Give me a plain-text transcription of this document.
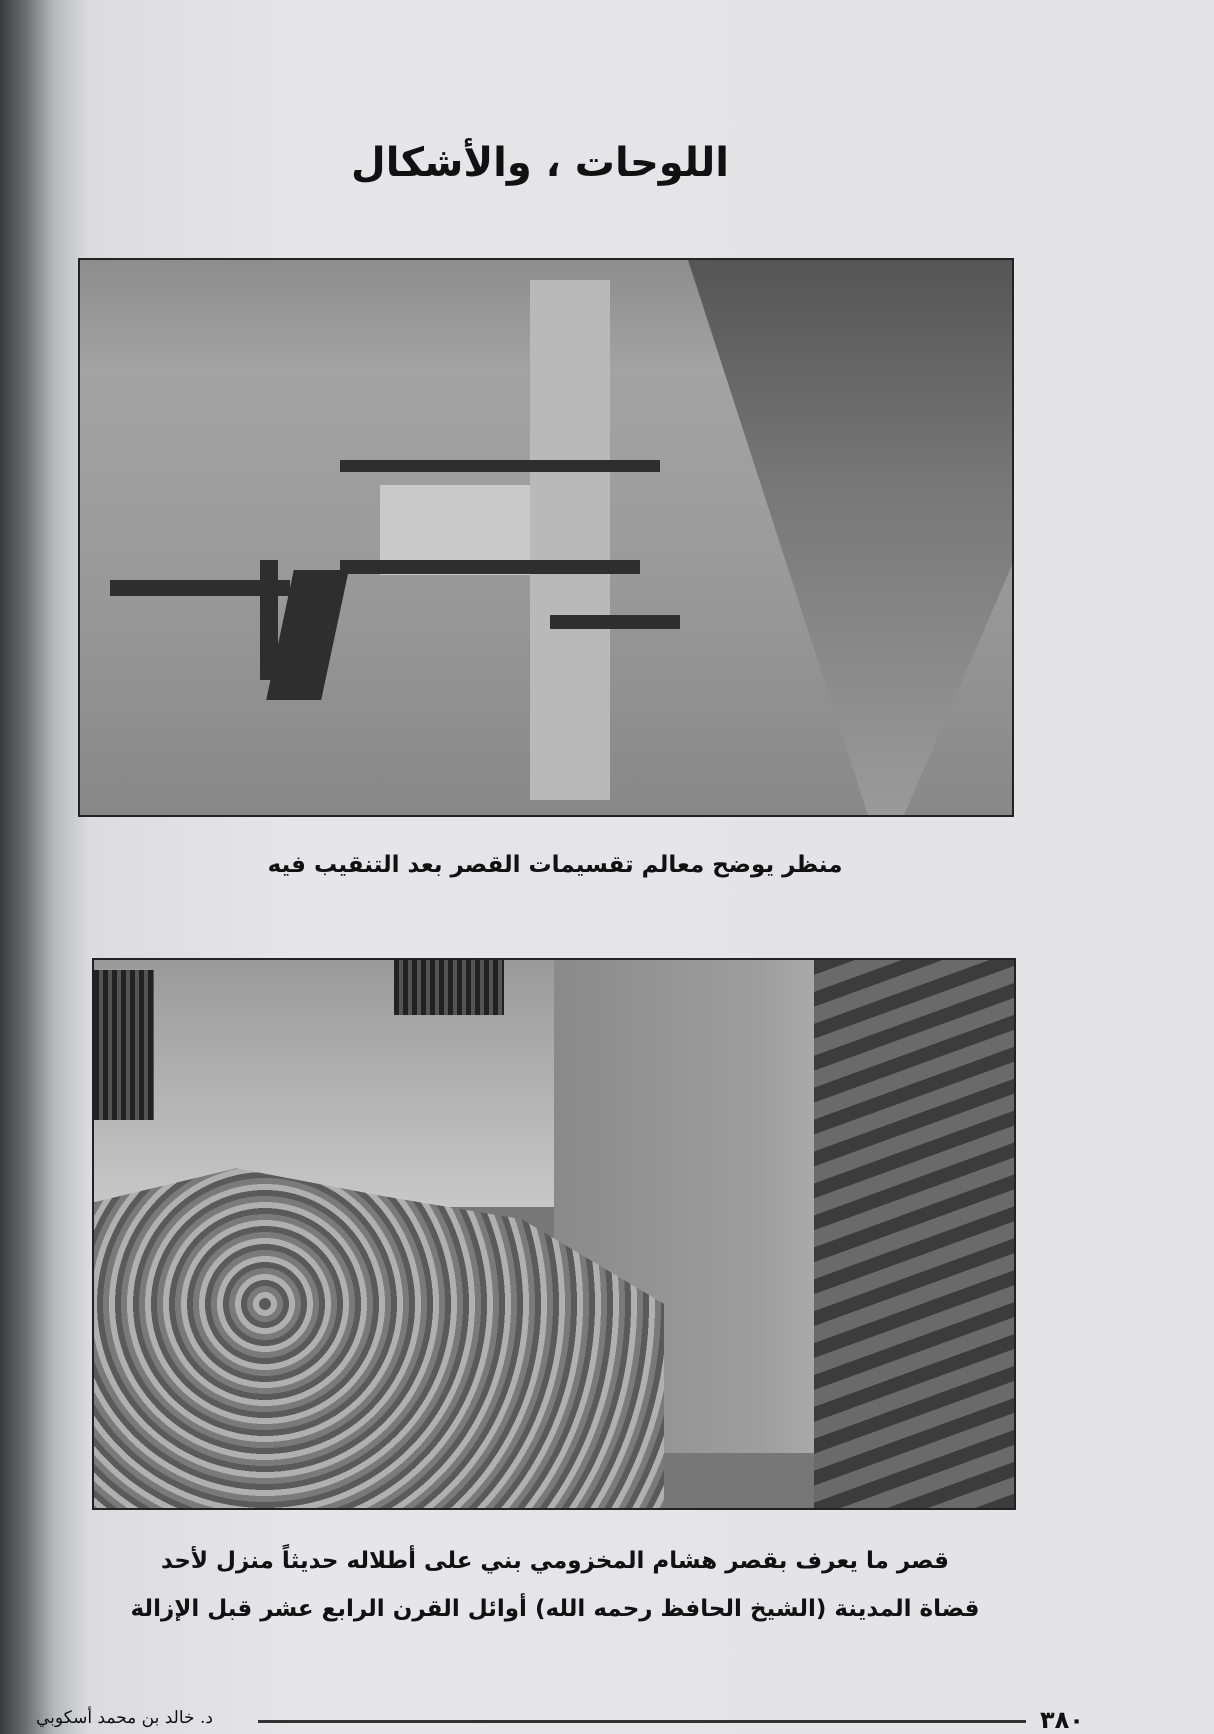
اللوحات ، والأشكال
منظر يوضح معالم تقسيمات القصر بعد التنقيب فيه
قصر ما يعرف بقصر هشام المخزومي بني على أطلاله حديثاً منزل لأحد
قضاة المدينة (الشيخ الحافظ رحمه الله) أوائل القرن الرابع عشر قبل الإزالة
د. خالد بن محمد أسكوبي	٣٨٠
